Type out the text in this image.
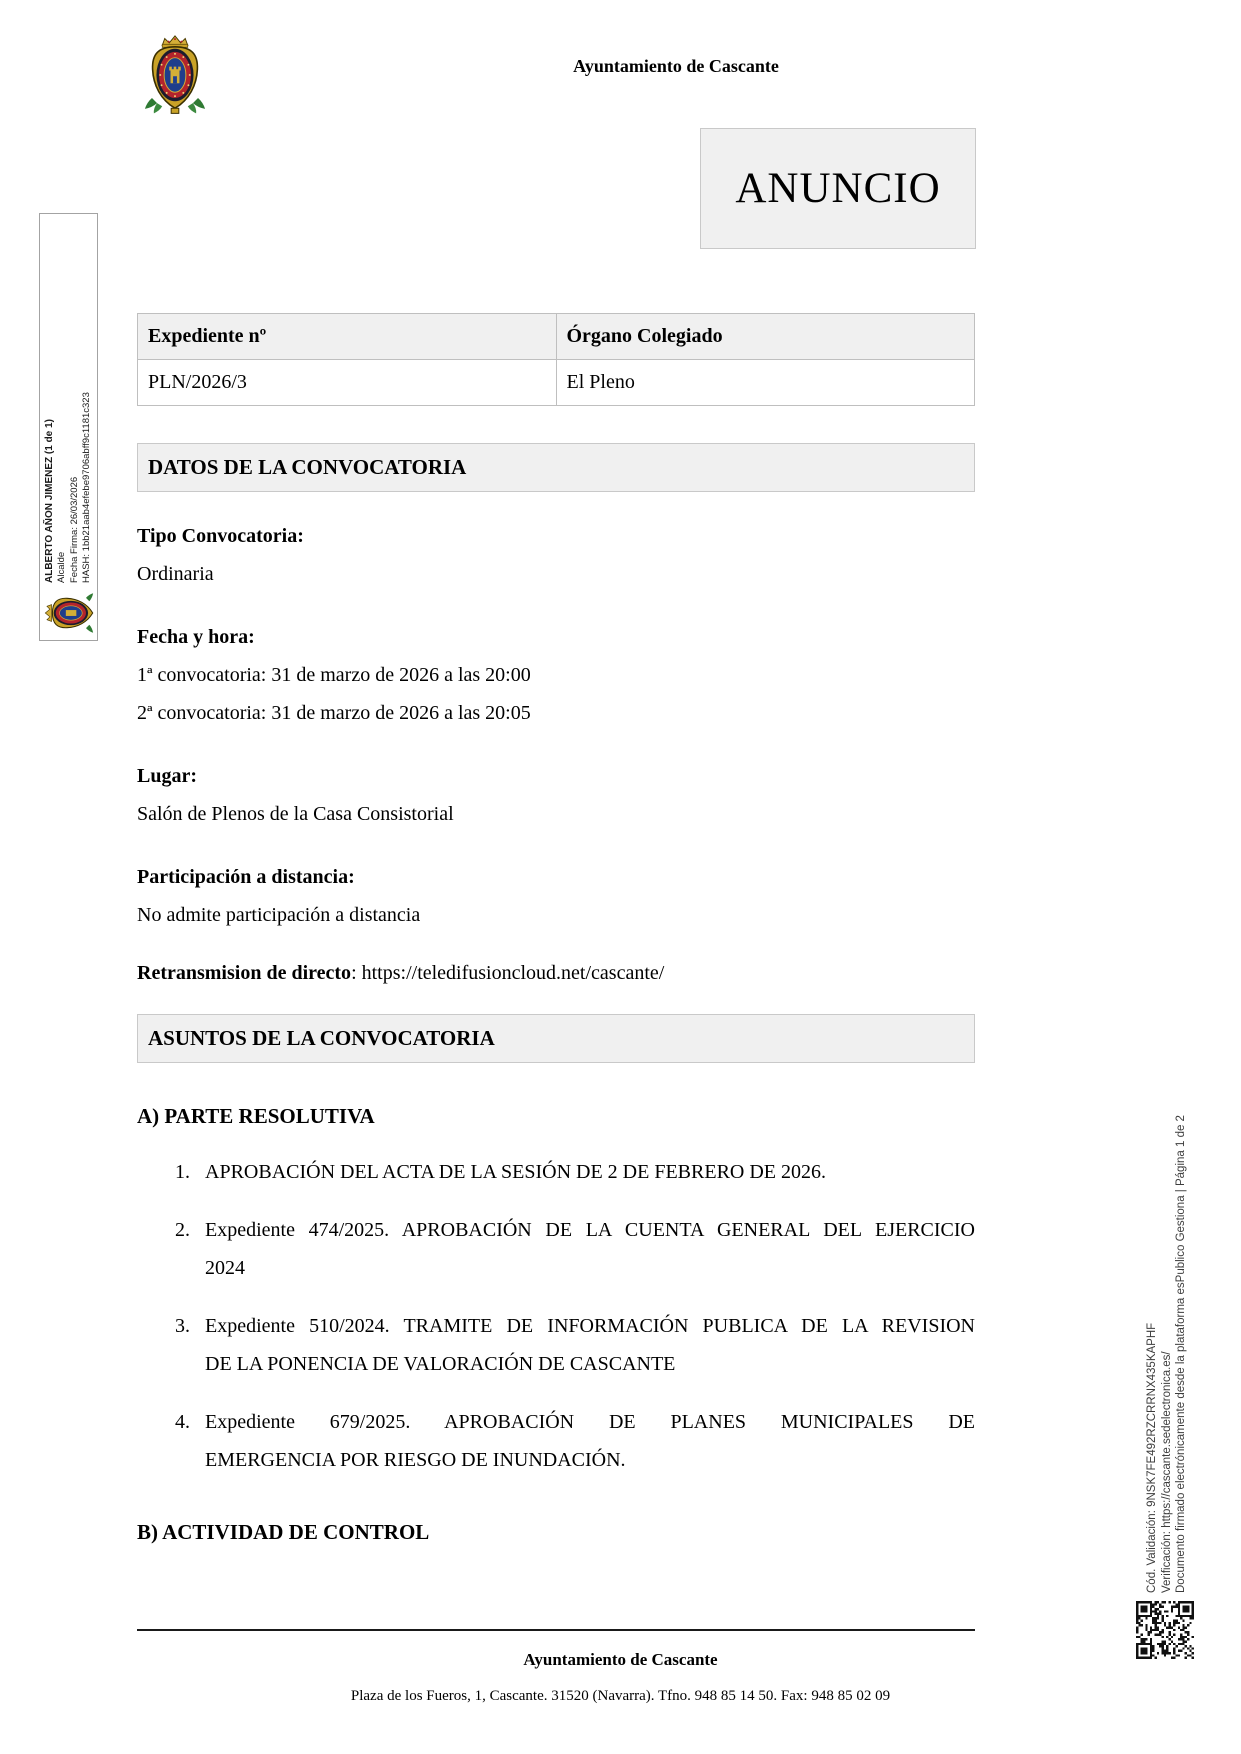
Ayuntamiento de Cascante
ANUNCIO
Expediente nº	Órgano Colegiado
PLN/2026/3	El Pleno
DATOS DE LA CONVOCATORIA
Tipo Convocatoria:
Ordinaria
Fecha y hora:
1ª convocatoria: 31 de marzo de 2026 a las 20:00
2ª convocatoria: 31 de marzo de 2026 a las 20:05
Lugar:
Salón de Plenos de la Casa Consistorial
Participación a distancia:
No admite participación a distancia
Retransmision de directo: https://teledifusioncloud.net/cascante/
ASUNTOS DE LA CONVOCATORIA
A) PARTE RESOLUTIVA
APROBACIÓN DEL ACTA DE LA SESIÓN DE 2 DE FEBRERO DE 2026.
Expediente 474/2025. APROBACIÓN DE LA CUENTA GENERAL DEL EJERCICIO
2024
Expediente 510/2024. TRAMITE DE INFORMACIÓN PUBLICA DE LA REVISION
DE LA PONENCIA DE VALORACIÓN DE CASCANTE
Expediente 679/2025. APROBACIÓN DE PLANES MUNICIPALES DE
EMERGENCIA POR RIESGO DE INUNDACIÓN.
B) ACTIVIDAD DE CONTROL
ALBERTO AÑON JIMENEZ (1 de 1) Alcalde Fecha Firma: 26/03/2026 HASH: 1bb21aab4efebe9706abff9c1181c323
Cód. Validación: 9NSK7FE492RZCRRNX435KAPHF Verificación: https://cascante.sedelectronica.es/ Documento firmado electrónicamente desde la plataforma esPublico Gestiona | Página 1 de 2
Ayuntamiento de Cascante
Plaza de los Fueros, 1, Cascante. 31520 (Navarra). Tfno. 948 85 14 50. Fax: 948 85 02 09
